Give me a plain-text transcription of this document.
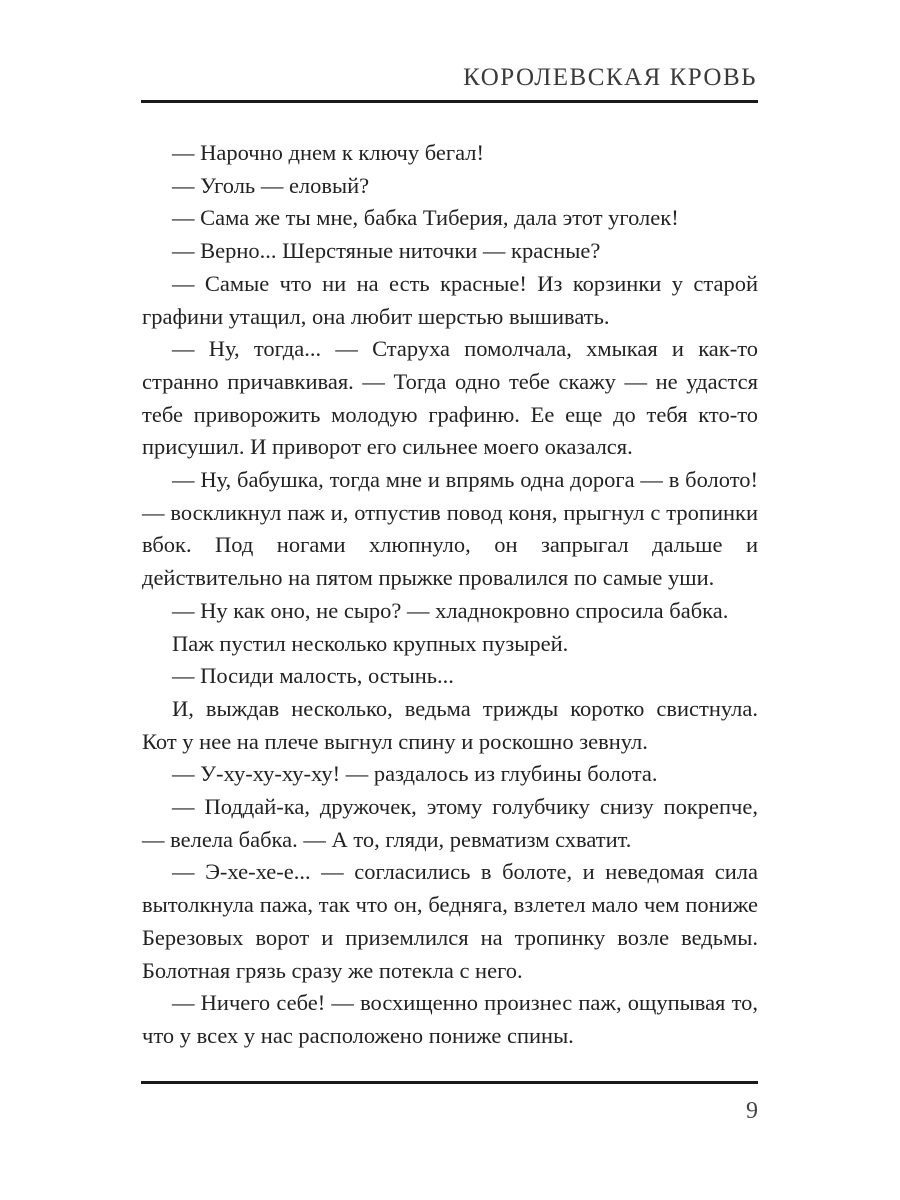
КОРОЛЕВСКАЯ КРОВЬ

— Нарочно днем к ключу бегал!

— Уголь — еловый?

— Сама же ты мне, бабка Тиберия, дала этот уголек!

— Верно... Шерстяные ниточки — красные?

— Самые что ни на есть красные! Из корзинки у старой графини утащил, она любит шерстью вышивать.

— Ну, тогда... — Старуха помолчала, хмыкая и как-то странно причавкивая. — Тогда одно тебе скажу — не удастся тебе приворожить молодую графиню. Ее еще до тебя кто-то присушил. И приворот его сильнее моего оказался.

— Ну, бабушка, тогда мне и впрямь одна дорога — в болото! — воскликнул паж и, отпустив повод коня, прыгнул с тропинки вбок. Под ногами хлюпнуло, он запрыгал дальше и действительно на пятом прыжке провалился по самые уши.

— Ну как оно, не сыро? — хладнокровно спросила бабка.

Паж пустил несколько крупных пузырей.

— Посиди малость, остынь...

И, выждав несколько, ведьма трижды коротко свистнула. Кот у нее на плече выгнул спину и роскошно зевнул.

— У-ху-ху-ху-ху! — раздалось из глубины болота.

— Поддай-ка, дружочек, этому голубчику снизу покрепче, — велела бабка. — А то, гляди, ревматизм схватит.

— Э-хе-хе-е... — согласились в болоте, и неведомая сила вытолкнула пажа, так что он, бедняга, взлетел мало чем пониже Березовых ворот и приземлился на тропинку возле ведьмы. Болотная грязь сразу же потекла с него.

— Ничего себе! — восхищенно произнес паж, ощупывая то, что у всех у нас расположено пониже спины.

9
